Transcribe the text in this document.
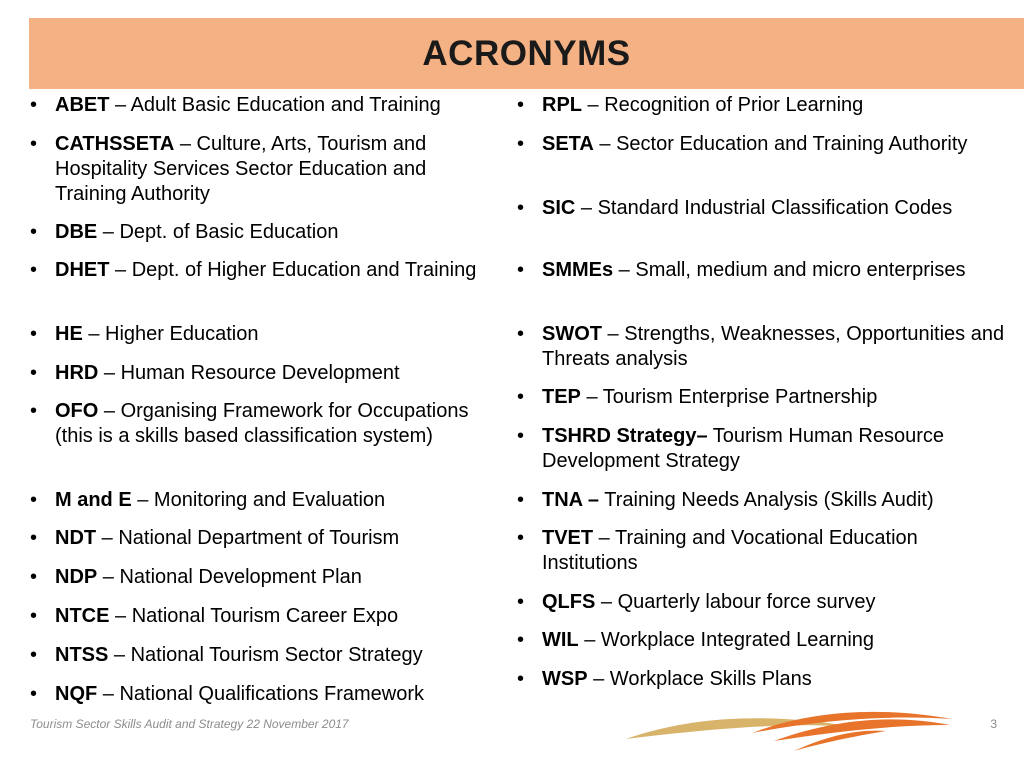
ACRONYMS
• ABET – Adult Basic Education and Training
• CATHSSETA – Culture, Arts, Tourism and Hospitality Services Sector Education and Training Authority
• DBE – Dept. of Basic Education
• DHET – Dept. of Higher Education and Training
• HE – Higher Education
• HRD – Human Resource Development
• OFO – Organising Framework for Occupations (this is a skills based classification system)
• M and E – Monitoring and Evaluation
• NDT – National Department of Tourism
• NDP – National Development Plan
• NTCE – National Tourism Career Expo
• NTSS – National Tourism Sector Strategy
• NQF – National Qualifications Framework
• RPL – Recognition of Prior Learning
• SETA – Sector Education and Training Authority
• SIC – Standard Industrial Classification Codes
• SMMEs – Small, medium and micro enterprises
• SWOT – Strengths, Weaknesses, Opportunities and Threats analysis
• TEP – Tourism Enterprise Partnership
• TSHRD Strategy– Tourism Human Resource Development Strategy
• TNA – Training Needs Analysis (Skills Audit)
• TVET – Training and Vocational Education Institutions
• QLFS – Quarterly labour force survey
• WIL – Workplace Integrated Learning
• WSP – Workplace Skills Plans
Tourism Sector Skills Audit and Strategy 22 November 2017	3
